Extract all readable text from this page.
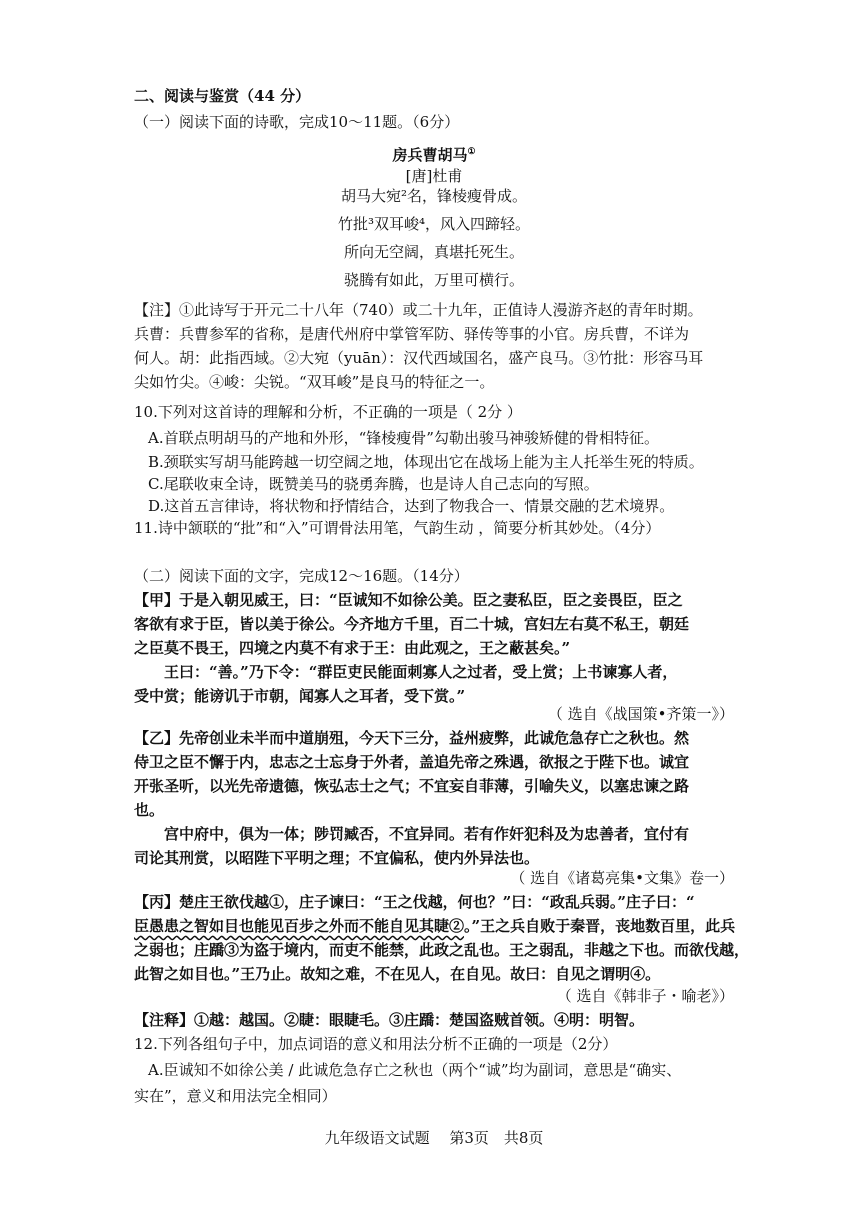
二、阅读与鉴赏（44 分）
（一）阅读下面的诗歌，完成10～11题。（6分）
房兵曹胡马①
[唐]杜甫
胡马大宛²名，锋棱瘦骨成。
竹批³双耳峻⁴，风入四蹄轻。
所向无空阔，真堪托死生。
骁腾有如此，万里可横行。
【注】①此诗写于开元二十八年（740）或二十九年，正值诗人漫游齐赵的青年时期。
兵曹：兵曹参军的省称，是唐代州府中掌管军防、驿传等事的小官。房兵曹，不详为
何人。胡：此指西域。②大宛（yuān）：汉代西域国名，盛产良马。③竹批：形容马耳
尖如竹尖。④峻：尖锐。“双耳峻”是良马的特征之一。
10.下列对这首诗的理解和分析，不正确的一项是（ 2分 ）
A.首联点明胡马的产地和外形，“锋棱瘦骨”勾勒出骏马神骏矫健的骨相特征。
B.颈联实写胡马能跨越一切空阔之地，体现出它在战场上能为主人托举生死的特质。
C.尾联收束全诗，既赞美马的骁勇奔腾，也是诗人自己志向的写照。
D.这首五言律诗，将状物和抒情结合，达到了物我合一、情景交融的艺术境界。
11.诗中颔联的“批”和“入”可谓骨法用笔，气韵生动 ，简要分析其妙处。（4分）
（二）阅读下面的文字，完成12～16题。（14分）
【甲】于是入朝见威王，曰：“臣诚知不如徐公美。臣之妻私臣，臣之妾畏臣，臣之
客欲有求于臣，皆以美于徐公。今齐地方千里，百二十城，宫妇左右莫不私王，朝廷
之臣莫不畏王，四境之内莫不有求于王：由此观之，王之蔽甚矣。”
王曰：“善。”乃下令：“群臣吏民能面刺寡人之过者，受上赏；上书谏寡人者，
受中赏；能谤讥于市朝，闻寡人之耳者，受下赏。”
（ 选自《战国策•齐策一》）
【乙】先帝创业未半而中道崩殂，今天下三分，益州疲弊，此诚危急存亡之秋也。然
侍卫之臣不懈于内，忠志之士忘身于外者，盖追先帝之殊遇，欲报之于陛下也。诚宜
开张圣听，以光先帝遗德，恢弘志士之气；不宜妄自菲薄，引喻失义，以塞忠谏之路
也。
宫中府中，俱为一体；陟罚臧否，不宜异同。若有作奸犯科及为忠善者，宜付有
司论其刑赏，以昭陛下平明之理；不宜偏私，使内外异法也。
（ 选自《诸葛亮集•文集》卷一）
【丙】楚庄王欲伐越①，庄子谏曰：“王之伐越，何也？”曰：“政乱兵弱。”庄子曰：“
臣愚患之智如目也能见百步之外而不能自见其睫②。”王之兵自败于秦晋，丧地数百里，此兵
之弱也；庄蹻③为盗于境内，而吏不能禁，此政之乱也。王之弱乱，非越之下也。而欲伐越，
此智之如目也。”王乃止。故知之难，不在见人，在自见。故曰：自见之谓明④。
（ 选自《韩非子・喻老》）
【注释】①越：越国。②睫：眼睫毛。③庄蹻：楚国盗贼首领。④明：明智。
12.下列各组句子中，加点词语的意义和用法分析不正确的一项是（2分）
A.臣诚知不如徐公美 / 此诚危急存亡之秋也（两个“诚”均为副词，意思是“确实、
实在”，意义和用法完全相同）
九年级语文试题　 第3页　共8页
